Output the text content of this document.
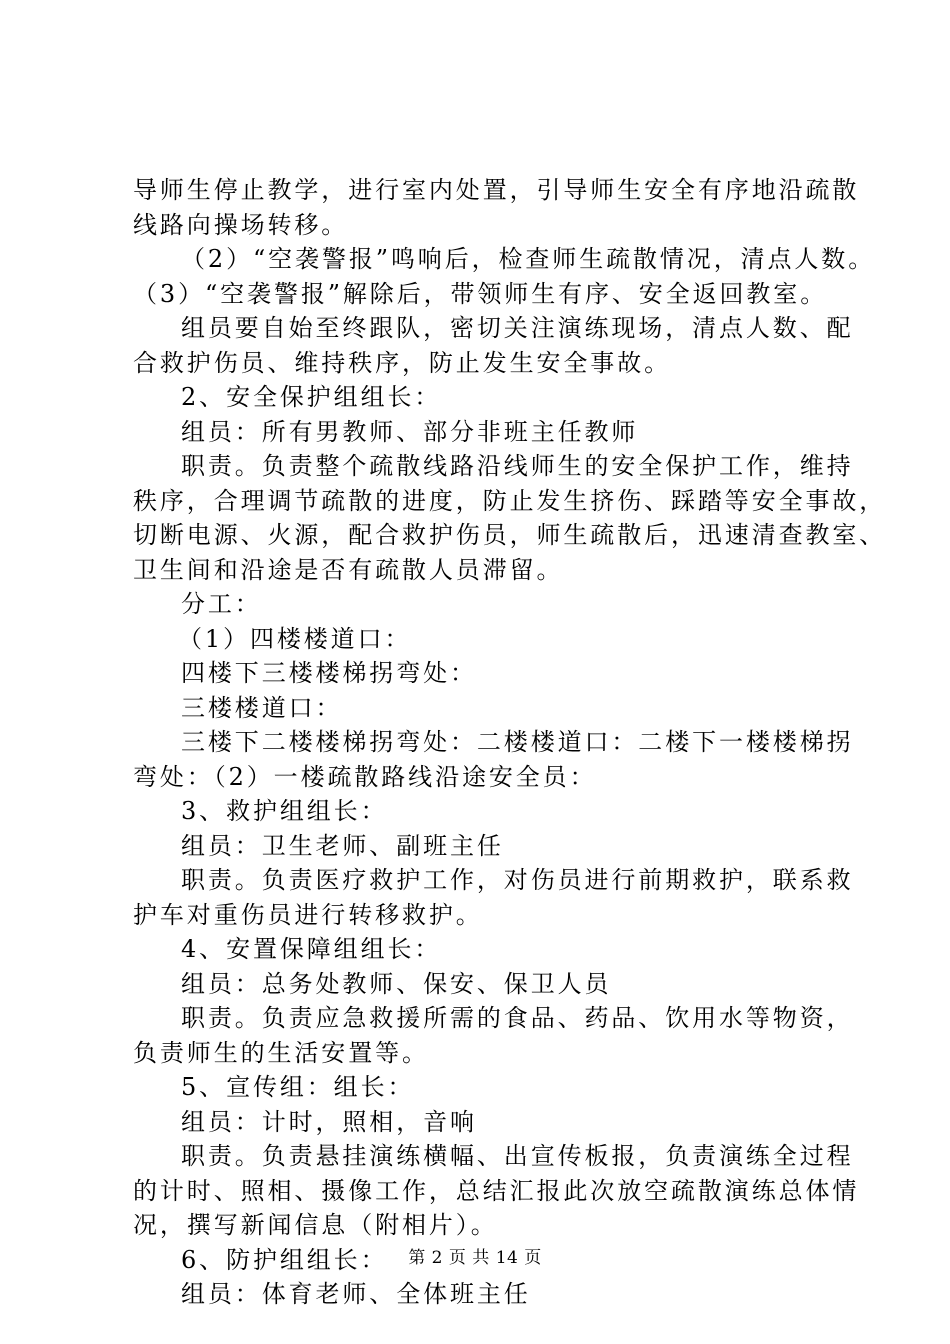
导师生停止教学，进行室内处置，引导师生安全有序地沿疏散
线路向操场转移。
（2）“空袭警报”鸣响后，检查师生疏散情况，清点人数。
（3）“空袭警报”解除后，带领师生有序、安全返回教室。
组员要自始至终跟队，密切关注演练现场，清点人数、配
合救护伤员、维持秩序，防止发生安全事故。
2、安全保护组组长：
组员：所有男教师、部分非班主任教师
职责。负责整个疏散线路沿线师生的安全保护工作，维持
秩序，合理调节疏散的进度，防止发生挤伤、踩踏等安全事故，
切断电源、火源，配合救护伤员，师生疏散后，迅速清查教室、
卫生间和沿途是否有疏散人员滞留。
分工：
（1）四楼楼道口：
四楼下三楼楼梯拐弯处：
三楼楼道口：
三楼下二楼楼梯拐弯处：二楼楼道口：二楼下一楼楼梯拐
弯处：（2）一楼疏散路线沿途安全员：
3、救护组组长：
组员：卫生老师、副班主任
职责。负责医疗救护工作，对伤员进行前期救护，联系救
护车对重伤员进行转移救护。
4、安置保障组组长：
组员：总务处教师、保安、保卫人员
职责。负责应急救援所需的食品、药品、饮用水等物资，
负责师生的生活安置等。
5、宣传组：组长：
组员：计时，照相，音响
职责。负责悬挂演练横幅、出宣传板报，负责演练全过程
的计时、照相、摄像工作，总结汇报此次放空疏散演练总体情
况，撰写新闻信息（附相片）。
6、防护组组长：
组员：体育老师、全体班主任
第 2 页 共 14 页
